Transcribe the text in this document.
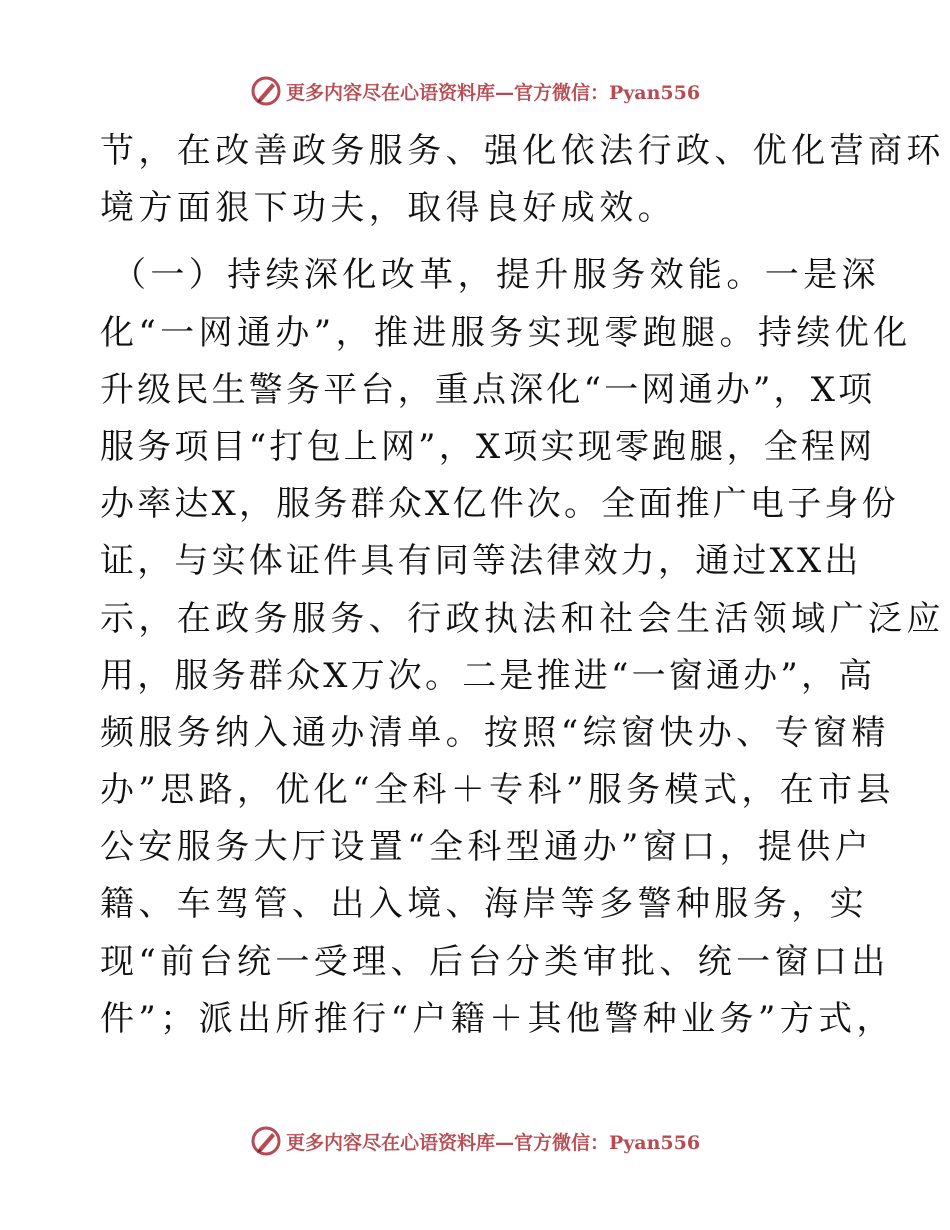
更多内容尽在心语资料库—官方微信：Pyan556
节，在改善政务服务、强化依法行政、优化营商环
境方面狠下功夫，取得良好成效。
（一）持续深化改革，提升服务效能。一是深
化“一网通办”，推进服务实现零跑腿。持续优化
升级民生警务平台，重点深化“一网通办”，X项
服务项目“打包上网”，X项实现零跑腿，全程网
办率达X，服务群众X亿件次。全面推广电子身份
证，与实体证件具有同等法律效力，通过XX出
示，在政务服务、行政执法和社会生活领域广泛应
用，服务群众X万次。二是推进“一窗通办”，高
频服务纳入通办清单。按照“综窗快办、专窗精
办”思路，优化“全科＋专科”服务模式，在市县
公安服务大厅设置“全科型通办”窗口，提供户
籍、车驾管、出入境、海岸等多警种服务，实
现“前台统一受理、后台分类审批、统一窗口出
件”；派出所推行“户籍＋其他警种业务”方式，
更多内容尽在心语资料库—官方微信：Pyan556
